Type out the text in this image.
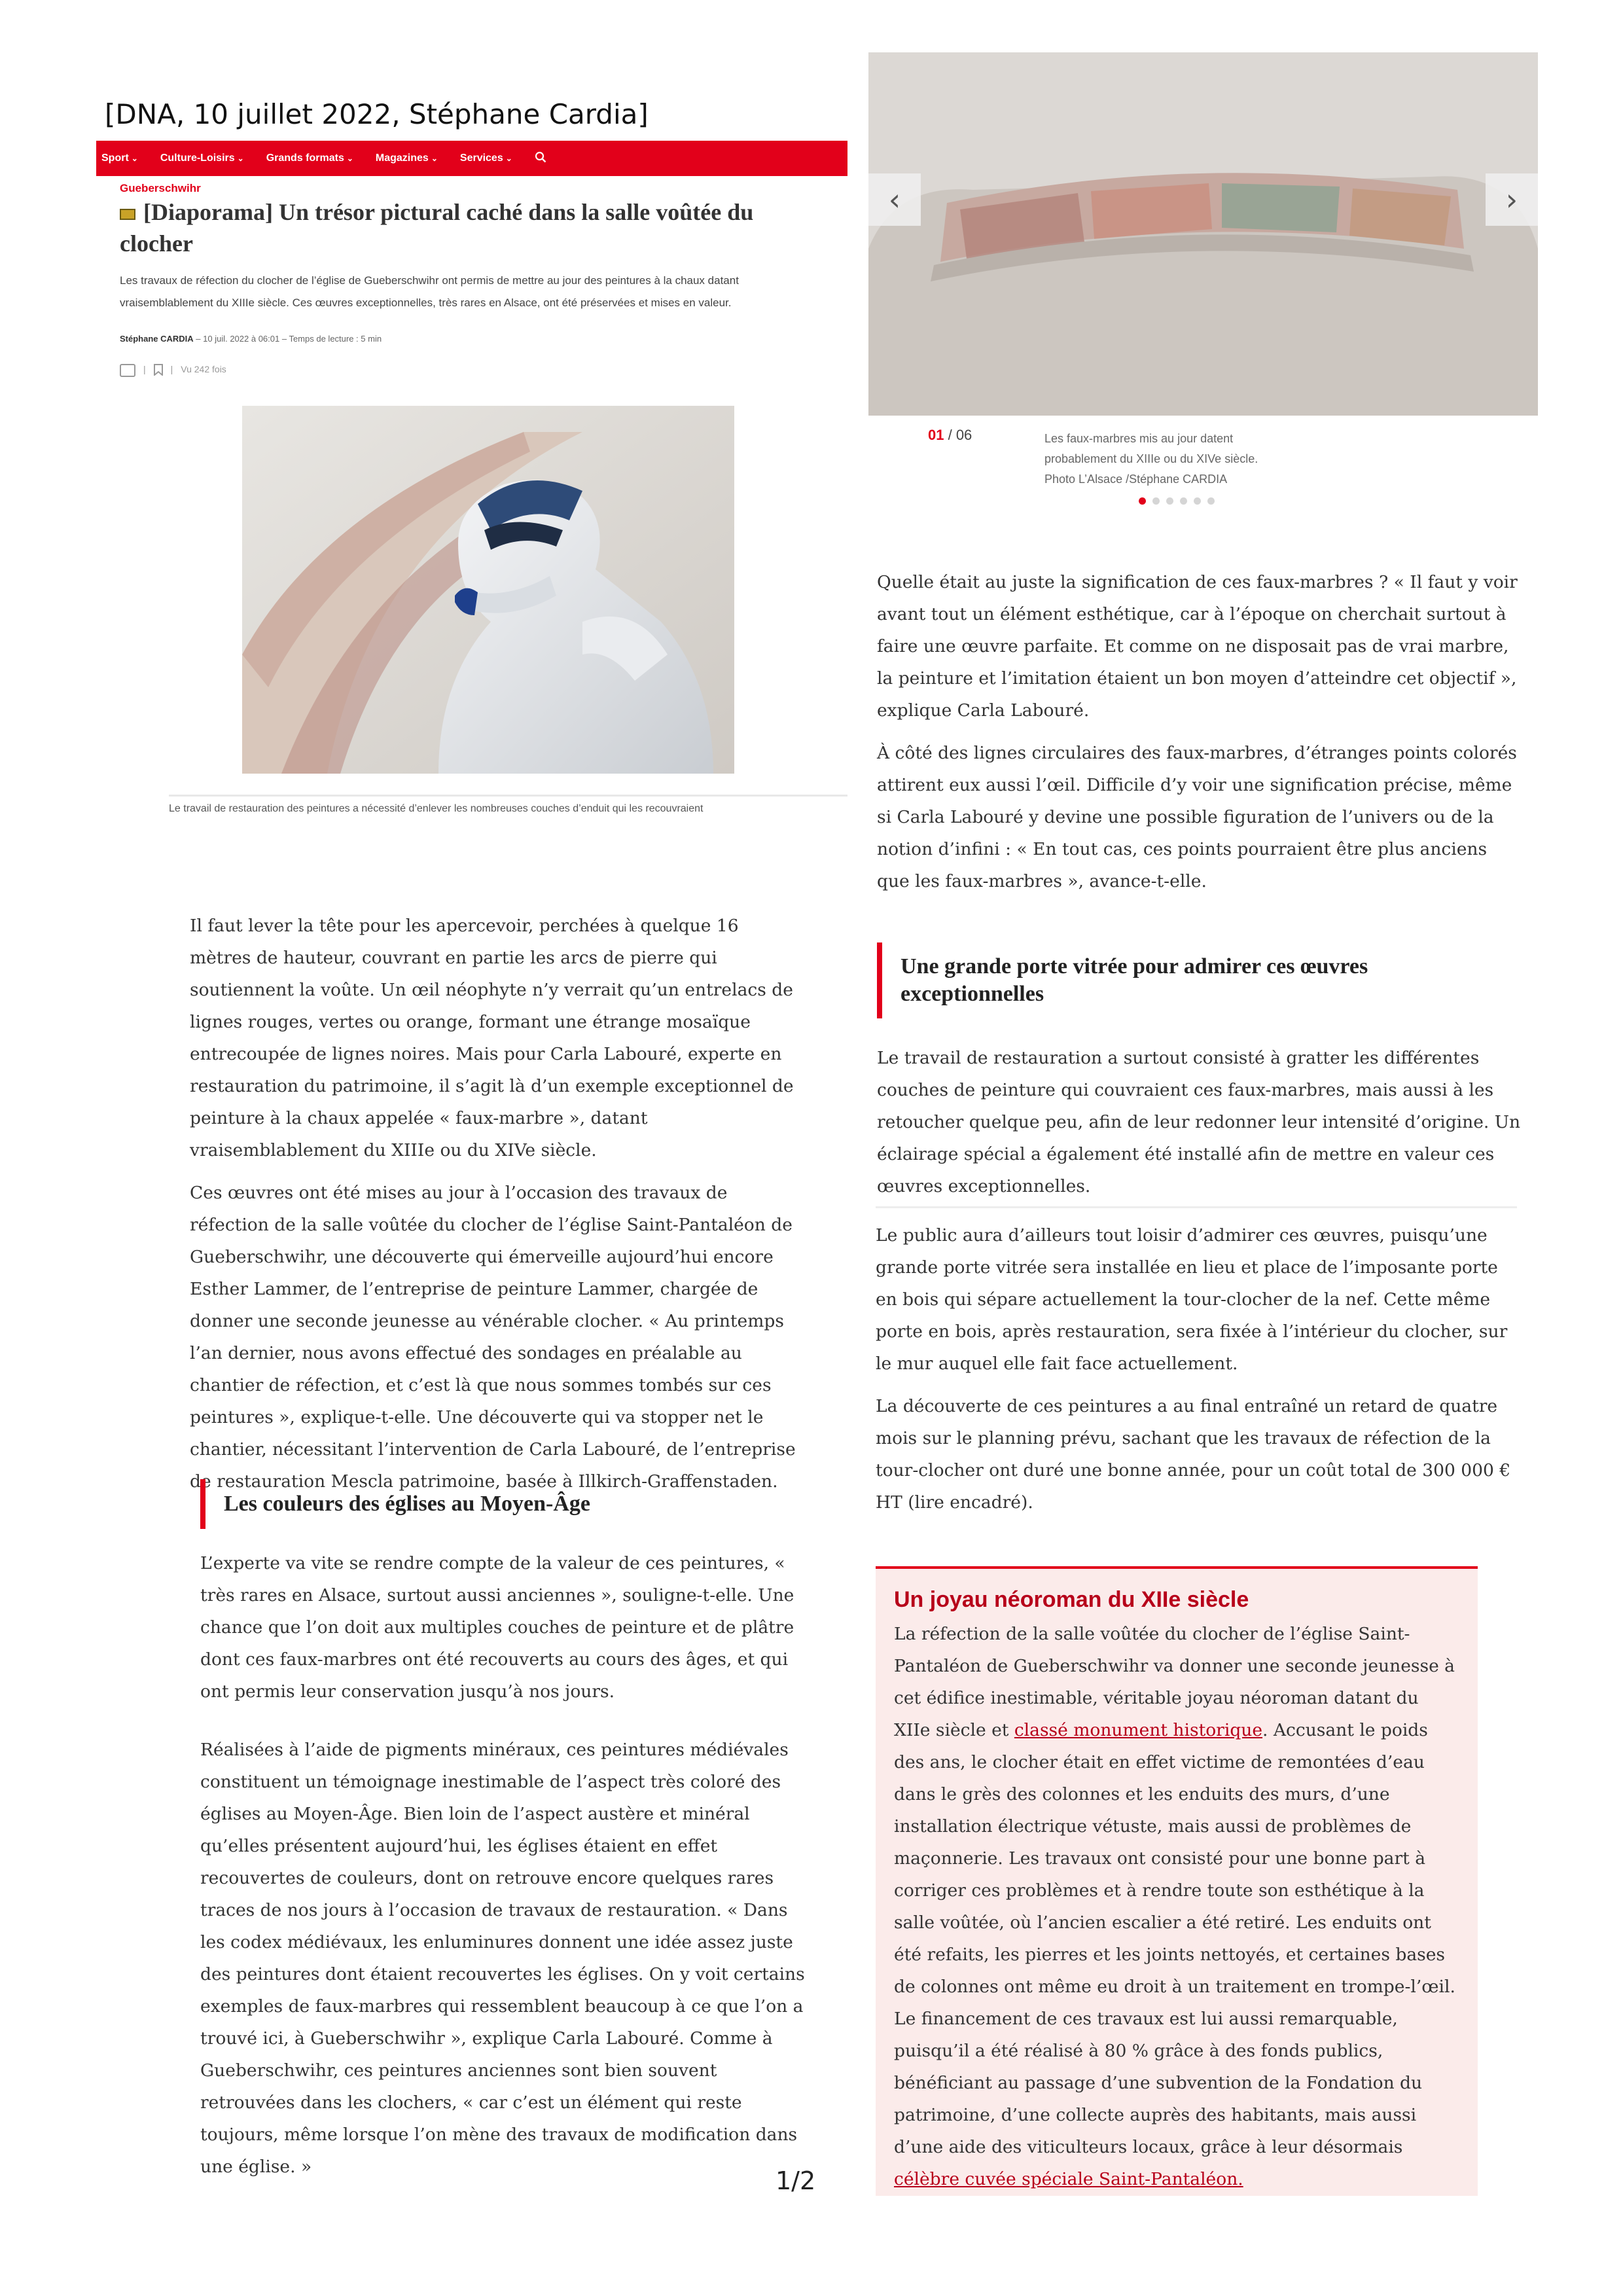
[DNA, 10 juillet 2022, Stéphane Cardia]
Sport ⌄ Culture-Loisirs ⌄ Grands formats ⌄ Magazines ⌄ Services ⌄
Gueberschwihr
[Diaporama] Un trésor pictural caché dans la salle voûtée du clocher
Les travaux de réfection du clocher de l’église de Gueberschwihr ont permis de mettre au jour des peintures à la chaux datant vraisemblablement du XIIIe siècle. Ces œuvres exceptionnelles, très rares en Alsace, ont été préservées et mises en valeur.
Stéphane CARDIA – 10 juil. 2022 à 06:01 – Temps de lecture : 5 min
|	| Vu 242 fois
Le travail de restauration des peintures a nécessité d’enlever les nombreuses couches d’enduit qui les recouvraient
‹	›
01 / 06	Les faux-marbres mis au jour datent
probablement du XIIIe ou du XIVe siècle.
Photo L’Alsace /Stéphane CARDIA

Il faut lever la tête pour les apercevoir, perchées à quelque 16 mètres de hauteur, couvrant en partie les arcs de pierre qui soutiennent la voûte. Un œil néophyte n’y verrait qu’un entrelacs de lignes rouges, vertes ou orange, formant une étrange mosaïque entrecoupée de lignes noires. Mais pour Carla Labouré, experte en restauration du patrimoine, il s’agit là d’un exemple exceptionnel de peinture à la chaux appelée « faux-marbre », datant vraisemblablement du XIIIe ou du XIVe siècle.

Ces œuvres ont été mises au jour à l’occasion des travaux de réfection de la salle voûtée du clocher de l’église Saint-Pantaléon de Gueberschwihr, une découverte qui émerveille aujourd’hui encore Esther Lammer, de l’entreprise de peinture Lammer, chargée de donner une seconde jeunesse au vénérable clocher. « Au printemps l’an dernier, nous avons effectué des sondages en préalable au chantier de réfection, et c’est là que nous sommes tombés sur ces peintures », explique-t-elle. Une découverte qui va stopper net le chantier, nécessitant l’intervention de Carla Labouré, de l’entreprise de restauration Mescla patrimoine, basée à Illkirch-Graffenstaden.

Les couleurs des églises au Moyen-Âge

L’experte va vite se rendre compte de la valeur de ces peintures, « très rares en Alsace, surtout aussi anciennes », souligne-t-elle. Une chance que l’on doit aux multiples couches de peinture et de plâtre dont ces faux-marbres ont été recouverts au cours des âges, et qui ont permis leur conservation jusqu’à nos jours.

Réalisées à l’aide de pigments minéraux, ces peintures médiévales constituent un témoignage inestimable de l’aspect très coloré des églises au Moyen-Âge. Bien loin de l’aspect austère et minéral qu’elles présentent aujourd’hui, les églises étaient en effet recouvertes de couleurs, dont on retrouve encore quelques rares traces de nos jours à l’occasion de travaux de restauration. « Dans les codex médiévaux, les enluminures donnent une idée assez juste des peintures dont étaient recouvertes les églises. On y voit certains exemples de faux-marbres qui ressemblent beaucoup à ce que l’on a trouvé ici, à Gueberschwihr », explique Carla Labouré. Comme à Gueberschwihr, ces peintures anciennes sont bien souvent retrouvées dans les clochers, « car c’est un élément qui reste toujours, même lorsque l’on mène des travaux de modification dans une église. »

Quelle était au juste la signification de ces faux-marbres ? « Il faut y voir avant tout un élément esthétique, car à l’époque on cherchait surtout à faire une œuvre parfaite. Et comme on ne disposait pas de vrai marbre, la peinture et l’imitation étaient un bon moyen d’atteindre cet objectif », explique Carla Labouré.

À côté des lignes circulaires des faux-marbres, d’étranges points colorés attirent eux aussi l’œil. Difficile d’y voir une signification précise, même si Carla Labouré y devine une possible figuration de l’univers ou de la notion d’infini : « En tout cas, ces points pourraient être plus anciens que les faux-marbres », avance-t-elle.

Une grande porte vitrée pour admirer ces œuvres exceptionnelles

Le travail de restauration a surtout consisté à gratter les différentes couches de peinture qui couvraient ces faux-marbres, mais aussi à les retoucher quelque peu, afin de leur redonner leur intensité d’origine. Un éclairage spécial a également été installé afin de mettre en valeur ces œuvres exceptionnelles.

Le public aura d’ailleurs tout loisir d’admirer ces œuvres, puisqu’une grande porte vitrée sera installée en lieu et place de l’imposante porte en bois qui sépare actuellement la tour-clocher de la nef. Cette même porte en bois, après restauration, sera fixée à l’intérieur du clocher, sur le mur auquel elle fait face actuellement.

La découverte de ces peintures a au final entraîné un retard de quatre mois sur le planning prévu, sachant que les travaux de réfection de la tour-clocher ont duré une bonne année, pour un coût total de 300 000 € HT (lire encadré).

Un joyau néoroman du XIIe siècle
La réfection de la salle voûtée du clocher de l’église Saint-Pantaléon de Gueberschwihr va donner une seconde jeunesse à cet édifice inestimable, véritable joyau néoroman datant du XIIe siècle et classé monument historique. Accusant le poids des ans, le clocher était en effet victime de remontées d’eau dans le grès des colonnes et les enduits des murs, d’une installation électrique vétuste, mais aussi de problèmes de maçonnerie. Les travaux ont consisté pour une bonne part à corriger ces problèmes et à rendre toute son esthétique à la salle voûtée, où l’ancien escalier a été retiré. Les enduits ont été refaits, les pierres et les joints nettoyés, et certaines bases de colonnes ont même eu droit à un traitement en trompe-l’œil. Le financement de ces travaux est lui aussi remarquable, puisqu’il a été réalisé à 80 % grâce à des fonds publics, bénéficiant au passage d’une subvention de la Fondation du patrimoine, d’une collecte auprès des habitants, mais aussi d’une aide des viticulteurs locaux, grâce à leur désormais célèbre cuvée spéciale Saint-Pantaléon.
1/2
